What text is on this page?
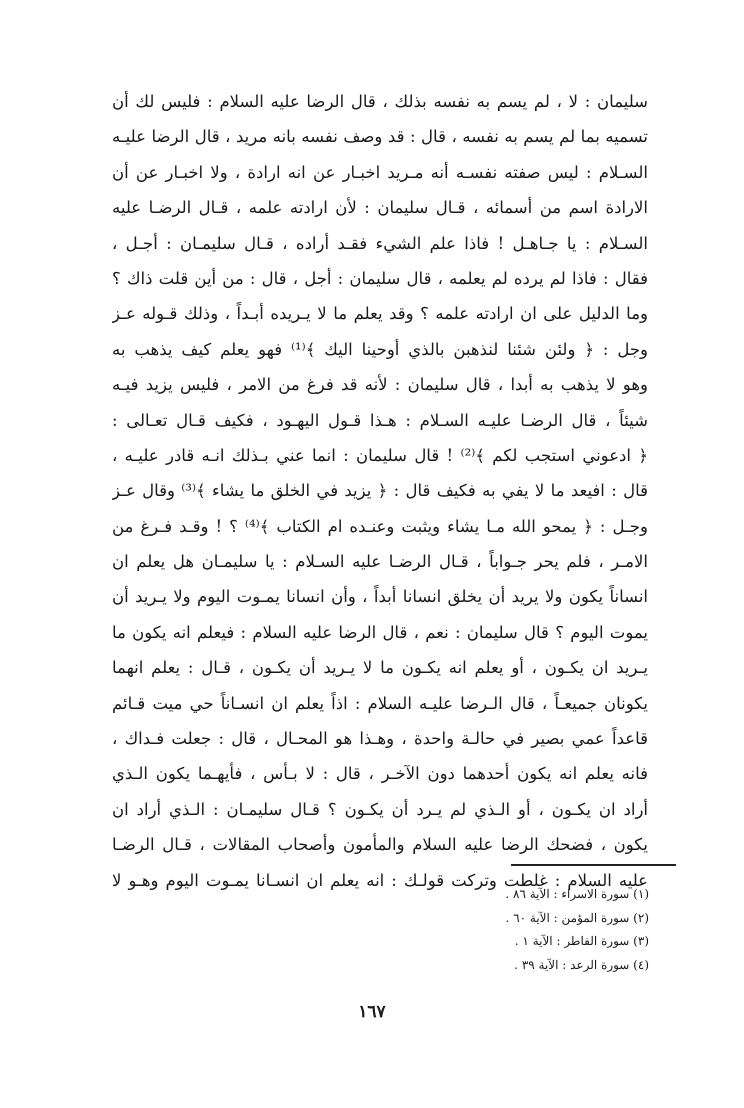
سليمان : لا ، لم يسم به نفسه بذلك ، قال الرضا عليه السلام : فليس لك أن
تسميه بما لم يسم به نفسه ، قال : قد وصف نفسه بانه مريد ، قال الرضا عليـه
السـلام : ليس صفته نفسـه أنه مـريد اخبـار عن انه ارادة ، ولا اخبـار عن أن
الارادة اسم من أسمائه ، قـال سليمان : لأن ارادته علمه ، قـال الرضـا عليه
السـلام : يا جـاهـل ! فاذا علم الشيء فقـد أراده ، قـال سليمـان : أجـل ،
فقال : فاذا لم يرده لم يعلمه ، قال سليمان : أجل ، قال : من أين قلت ذاك ؟
وما الدليل على ان ارادته علمه ؟ وقد يعلم ما لا يـريده أبـداً ، وذلك قـوله عـز
وجل : ﴿ ولئن شئنا لنذهبن بالذي أوحينا اليك ﴾⁽¹⁾ فهو يعلم كيف يذهب به
وهو لا يذهب به أبدا ، قال سليمان : لأنه قد فرغ من الامر ، فليس يزيد فيـه
شيئاً ، قال الرضـا عليـه السـلام : هـذا قـول اليهـود ، فكيف قـال تعـالى :
﴿ ادعوني استجب لكم ﴾⁽²⁾ ! قال سليمان : انما عني بـذلك انـه قادر عليـه ،
قال : افيعد ما لا يفي به فكيف قال : ﴿ يزيد في الخلق ما يشاء ﴾⁽³⁾ وقال عـز
وجـل : ﴿ يمحو الله مـا يشاء ويثبت وعنـده ام الكتاب ﴾⁽⁴⁾ ؟ ! وقـد فـرغ من
الامـر ، فلم يحر جـواباً ، قـال الرضـا عليه السـلام : يا سليمـان هل يعلم ان
انساناً يكون ولا يريد أن يخلق انسانا أبداً ، وأن انسانا يمـوت اليوم ولا يـريد أن
يموت اليوم ؟ قال سليمان : نعم ، قال الرضا عليه السلام : فيعلم انه يكون ما
يـريد ان يكـون ، أو يعلم انه يكـون ما لا يـريد أن يكـون ، قـال : يعلم انهما
يكونان جميعـاً ، قال الـرضا عليـه السلام : اذاً يعلم ان انسـاناً حي ميت قـائم
قاعداً عمي بصير في حالـة واحدة ، وهـذا هو المحـال ، قال : جعلت فـداك ،
فانه يعلم انه يكون أحدهما دون الآخـر ، قال : لا بـأس ، فأيهـما يكون الـذي
أراد ان يكـون ، أو الـذي لم يـرد أن يكـون ؟ قـال سليمـان : الـذي أراد ان
يكون ، فضحك الرضا عليه السلام والمأمون وأصحاب المقالات ، قـال الرضـا
عليه السلام : غلطت وتركت قولـك : انه يعلم ان انسـانا يمـوت اليوم وهـو لا
(١) سورة الاسراء : الآية ٨٦ .
(٢) سورة المؤمن : الآية ٦٠ .
(٣) سورة الفاطر : الآية ١ .
(٤) سورة الرعد : الآية ٣٩ .
١٦٧
